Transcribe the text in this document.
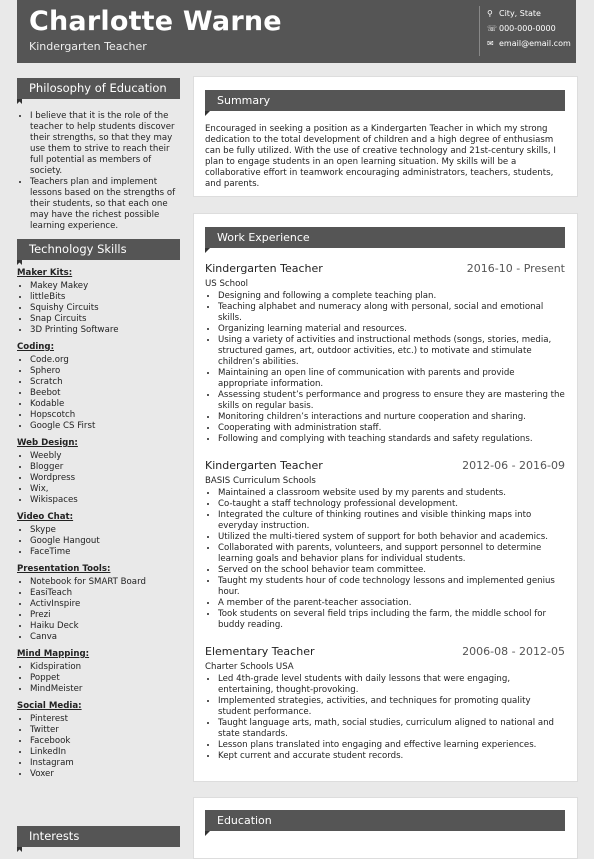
Charlotte Warne
Kindergarten Teacher
⚲ City, State
☏ 000-000-0000
✉ email@email.com
Philosophy of Education
• I believe that it is the role of the teacher to help students discover their strengths, so that they may use them to strive to reach their full potential as members of society.
• Teachers plan and implement lessons based on the strengths of their students, so that each one may have the richest possible learning experience.
Technology Skills
Maker Kits:
• Makey Makey
• littleBits
• Squishy Circuits
• Snap Circuits
• 3D Printing Software
Coding:
• Code.org
• Sphero
• Scratch
• Beebot
• Kodable
• Hopscotch
• Google CS First
Web Design:
• Weebly
• Blogger
• Wordpress
• Wix,
• Wikispaces
Video Chat:
• Skype
• Google Hangout
• FaceTime
Presentation Tools:
• Notebook for SMART Board
• EasiTeach
• ActivInspire
• Prezi
• Haiku Deck
• Canva
Mind Mapping:
• Kidspiration
• Poppet
• MindMeister
Social Media:
• Pinterest
• Twitter
• Facebook
• LinkedIn
• Instagram
• Voxer
Interests
Summary
Encouraged in seeking a position as a Kindergarten Teacher in which my strong dedication to the total development of children and a high degree of enthusiasm can be fully utilized. With the use of creative technology and 21st-century skills, I plan to engage students in an open learning situation. My skills will be a collaborative effort in teamwork encouraging administrators, teachers, students, and parents.
Work Experience
Kindergarten Teacher	2016-10 - Present
US School
• Designing and following a complete teaching plan.
• Teaching alphabet and numeracy along with personal, social and emotional skills.
• Organizing learning material and resources.
• Using a variety of activities and instructional methods (songs, stories, media, structured games, art, outdoor activities, etc.) to motivate and stimulate children’s abilities.
• Maintaining an open line of communication with parents and provide appropriate information.
• Assessing student’s performance and progress to ensure they are mastering the skills on regular basis.
• Monitoring children’s interactions and nurture cooperation and sharing.
• Cooperating with administration staff.
• Following and complying with teaching standards and safety regulations.
Kindergarten Teacher	2012-06 - 2016-09
BASIS Curriculum Schools
• Maintained a classroom website used by my parents and students.
• Co-taught a staff technology professional development.
• Integrated the culture of thinking routines and visible thinking maps into everyday instruction.
• Utilized the multi-tiered system of support for both behavior and academics.
• Collaborated with parents, volunteers, and support personnel to determine learning goals and behavior plans for individual students.
• Served on the school behavior team committee.
• Taught my students hour of code technology lessons and implemented genius hour.
• A member of the parent-teacher association.
• Took students on several field trips including the farm, the middle school for buddy reading.
Elementary Teacher	2006-08 - 2012-05
Charter Schools USA
• Led 4th-grade level students with daily lessons that were engaging, entertaining, thought-provoking.
• Implemented strategies, activities, and techniques for promoting quality student performance.
• Taught language arts, math, social studies, curriculum aligned to national and state standards.
• Lesson plans translated into engaging and effective learning experiences.
• Kept current and accurate student records.
Education
